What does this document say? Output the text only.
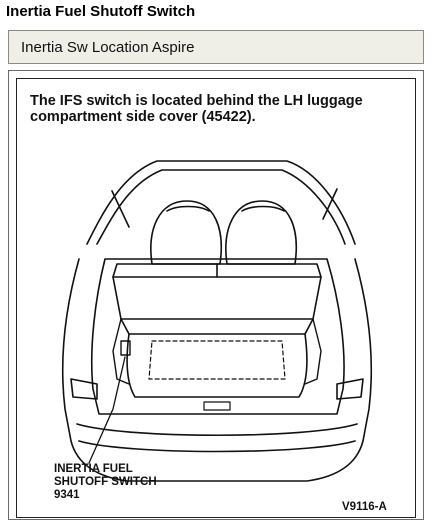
Inertia Fuel Shutoff Switch
Inertia Sw Location Aspire
The IFS switch is located behind the LH luggage
compartment side cover (45422).
INERTIA FUEL
SHUTOFF SWITCH
9341
V9116-A
